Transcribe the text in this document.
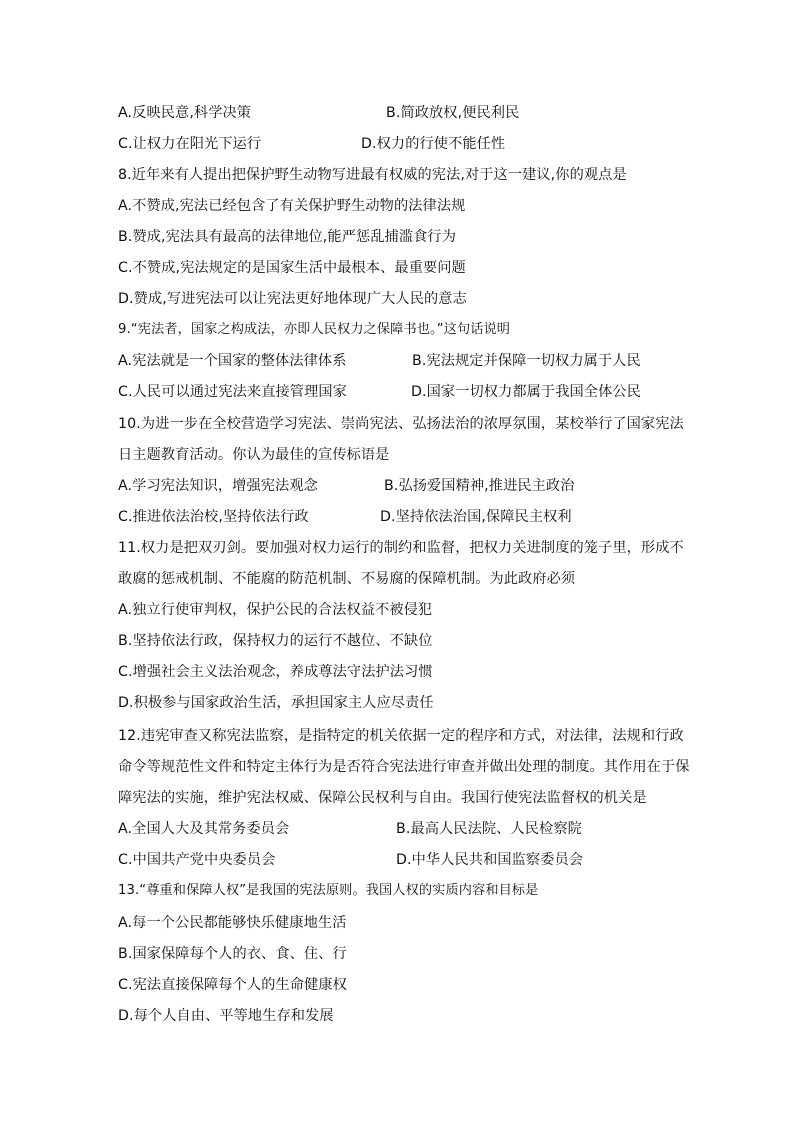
A.反映民意,科学决策	B.简政放权,便民利民
C.让权力在阳光下运行	D.权力的行使不能任性
8.近年来有人提出把保护野生动物写进最有权威的宪法,对于这一建议,你的观点是
A.不赞成,宪法已经包含了有关保护野生动物的法律法规
B.赞成,宪法具有最高的法律地位,能严惩乱捕滥食行为
C.不赞成,宪法规定的是国家生活中最根本、最重要问题
D.赞成,写进宪法可以让宪法更好地体现广大人民的意志
9.“宪法者，国家之构成法，亦即人民权力之保障书也。”这句话说明
A.宪法就是一个国家的整体法律体系	B.宪法规定并保障一切权力属于人民
C.人民可以通过宪法来直接管理国家	D.国家一切权力都属于我国全体公民
10.为进一步在全校营造学习宪法、崇尚宪法、弘扬法治的浓厚氛围，某校举行了国家宪法
日主题教育活动。你认为最佳的宣传标语是
A.学习宪法知识，增强宪法观念	B.弘扬爱国精神,推进民主政治
C.推进依法治校,坚持依法行政	D.坚持依法治国,保障民主权利
11.权力是把双刃剑。要加强对权力运行的制约和监督，把权力关进制度的笼子里，形成不
敢腐的惩戒机制、不能腐的防范机制、不易腐的保障机制。为此政府必须
A.独立行使审判权，保护公民的合法权益不被侵犯
B.坚持依法行政，保持权力的运行不越位、不缺位
C.增强社会主义法治观念，养成尊法守法护法习惯
D.积极参与国家政治生活，承担国家主人应尽责任
12.违宪审查又称宪法监察，是指特定的机关依据一定的程序和方式，对法律，法规和行政
命令等规范性文件和特定主体行为是否符合宪法进行审查并做出处理的制度。其作用在于保
障宪法的实施，维护宪法权威、保障公民权利与自由。我国行使宪法监督权的机关是
A.全国人大及其常务委员会	B.最高人民法院、人民检察院
C.中国共产党中央委员会	D.中华人民共和国监察委员会
13.“尊重和保障人权”是我国的宪法原则。我国人权的实质内容和目标是
A.每一个公民都能够快乐健康地生活
B.国家保障每个人的衣、食、住、行
C.宪法直接保障每个人的生命健康权
D.每个人自由、平等地生存和发展
